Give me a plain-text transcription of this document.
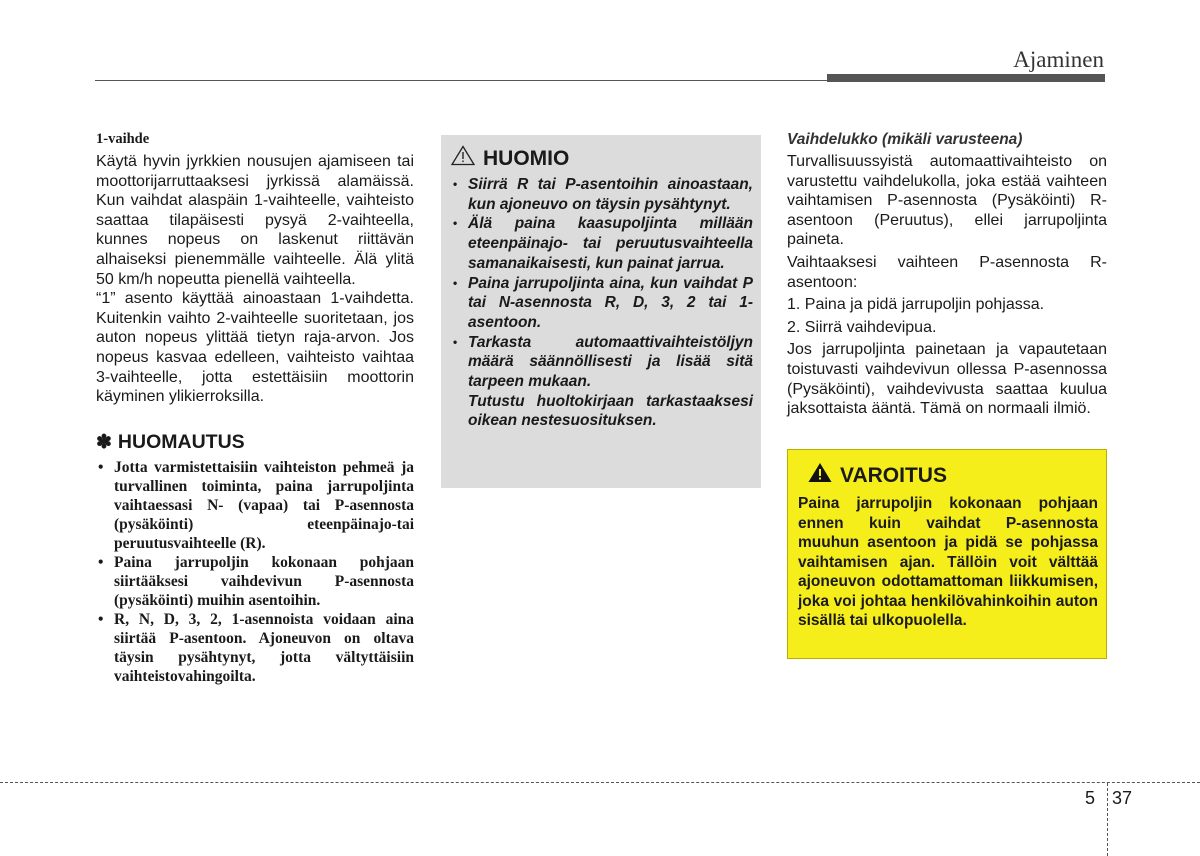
Ajaminen
1-vaihde

Käytä hyvin jyrkkien nousujen ajamiseen tai moottorijarruttaaksesi jyrkissä alamäissä. Kun vaihdat alaspäin 1-vaihteelle, vaihteisto saattaa tilapäisesti pysyä 2-vaihteella, kunnes nopeus on laskenut riittävän alhaiseksi pienemmälle vaihteelle. Älä ylitä 50 km/h nopeutta pienellä vaihteella.

“1” asento käyttää ainoastaan 1-vaihdetta. Kuitenkin vaihto 2-vaihteelle suoritetaan, jos auton nopeus ylittää tietyn raja-arvon. Jos nopeus kasvaa edelleen, vaihteisto vaihtaa 3-vaihteelle, jotta estettäisiin moottorin käyminen ylikierroksilla.

✽ HUOMAUTUS
• Jotta varmistettaisiin vaihteiston pehmeä ja turvallinen toiminta, paina jarrupoljinta vaihtaessasi N- (vapaa) tai P-asennosta (pysäköinti) eteenpäinajo-tai peruutusvaihteelle (R).
• Paina jarrupoljin kokonaan pohjaan siirtääksesi vaihdevivun P-asennosta (pysäköinti) muihin asentoihin.
• R, N, D, 3, 2, 1-asennoista voidaan aina siirtää P-asentoon. Ajoneuvon on oltava täysin pysähtynyt, jotta vältyttäisiin vaihteistovahingoilta.
HUOMIO
• Siirrä R tai P-asentoihin ainoastaan, kun ajoneuvo on täysin pysähtynyt.
• Älä paina kaasupoljinta millään eteenpäinajo- tai peruutusvaihteella samanaikaisesti, kun painat jarrua.
• Paina jarrupoljinta aina, kun vaihdat P tai N-asennosta R, D, 3, 2 tai 1-asentoon.
• Tarkasta automaattivaihteistöljyn määrä säännöllisesti ja lisää sitä tarpeen mukaan.
Tutustu huoltokirjaan tarkastaaksesi oikean nestesuosituksen.
Vaihdelukko (mikäli varusteena)

Turvallisuussyistä automaattivaihteisto on varustettu vaihdelukolla, joka estää vaihteen vaihtamisen P-asennosta (Pysäköinti) R-asentoon (Peruutus), ellei jarrupoljinta paineta.

Vaihtaaksesi vaihteen P-asennosta R-asentoon:

1. Paina ja pidä jarrupoljin pohjassa.

2. Siirrä vaihdevipua.

Jos jarrupoljinta painetaan ja vapautetaan toistuvasti vaihdevivun ollessa P-asennossa (Pysäköinti), vaihdevivusta saattaa kuulua jaksottaista ääntä. Tämä on normaali ilmiö.

VAROITUS

Paina jarrupoljin kokonaan pohjaan ennen kuin vaihdat P-asennosta muuhun asentoon ja pidä se pohjassa vaihtamisen ajan. Tällöin voit välttää ajoneuvon odottamattoman liikkumisen, joka voi johtaa henkilövahinkoihin auton sisällä tai ulkopuolella.

5 37
